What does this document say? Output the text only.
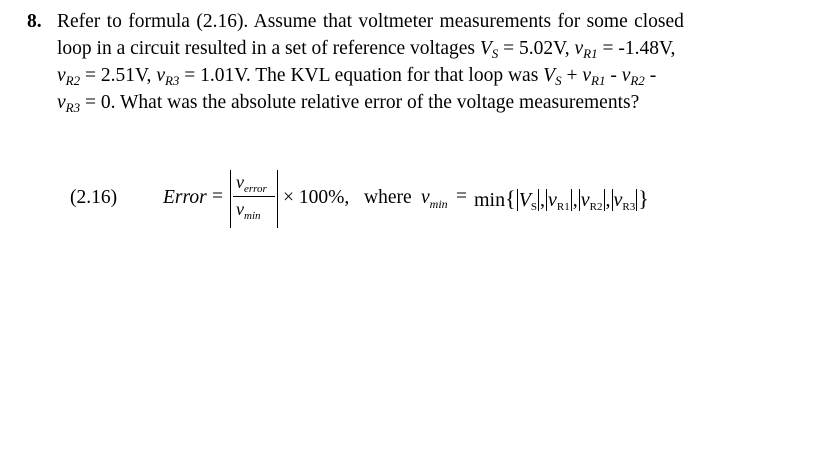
8. Refer to formula (2.16). Assume that voltmeter measurements for some closed
loop in a circuit resulted in a set of reference voltages $V_S = 5.02V$, $v_{R1} = -1.48V$,
$v_{R2} = 2.51V$, $v_{R3} = 1.01V$. The KVL equation for that loop was $V_S + v_{R1} - v_{R2}$ -
$v_{R3} = 0$. What was the absolute relative error of the voltage measurements?
(2.16) Error =
$v_{error}$
$v_{min}$
× 100%, where $v_{min} = \min${ $V_S$ , $v_{R1}$ , $v_{R2}$ , $v_{R3}$ }
